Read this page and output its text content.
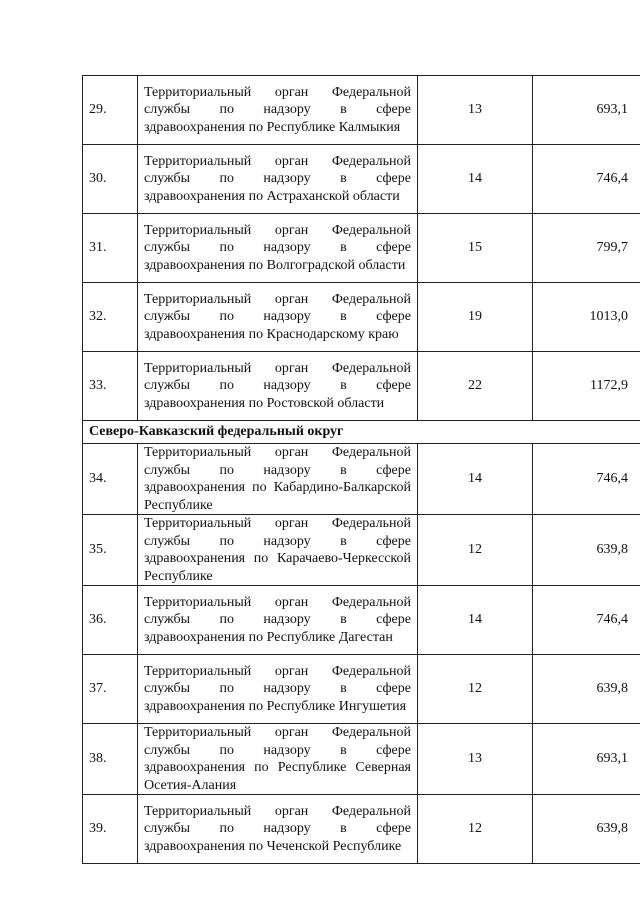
29.	Территориальный орган Федеральной службы по надзору в сфере здравоохранения по Республике Калмыкия	13	693,1
30.	Территориальный орган Федеральной службы по надзору в сфере здравоохранения по Астраханской области	14	746,4
31.	Территориальный орган Федеральной службы по надзору в сфере здравоохранения по Волгоградской области	15	799,7
32.	Территориальный орган Федеральной службы по надзору в сфере здравоохранения по Краснодарскому краю	19	1013,0
33.	Территориальный орган Федеральной службы по надзору в сфере здравоохранения по Ростовской области	22	1172,9
Северо-Кавказский федеральный округ			
34.	Территориальный орган Федеральной службы по надзору в сфере здравоохранения по Кабардино-Балкарской Республике	14	746,4
35.	Территориальный орган Федеральной службы по надзору в сфере здравоохранения по Карачаево-Черкесской Республике	12	639,8
36.	Территориальный орган Федеральной службы по надзору в сфере здравоохранения по Республике Дагестан	14	746,4
37.	Территориальный орган Федеральной службы по надзору в сфере здравоохранения по Республике Ингушетия	12	639,8
38.	Территориальный орган Федеральной службы по надзору в сфере здравоохранения по Республике Северная Осетия-Алания	13	693,1
39.	Территориальный орган Федеральной службы по надзору в сфере здравоохранения по Чеченской Республике	12	639,8
